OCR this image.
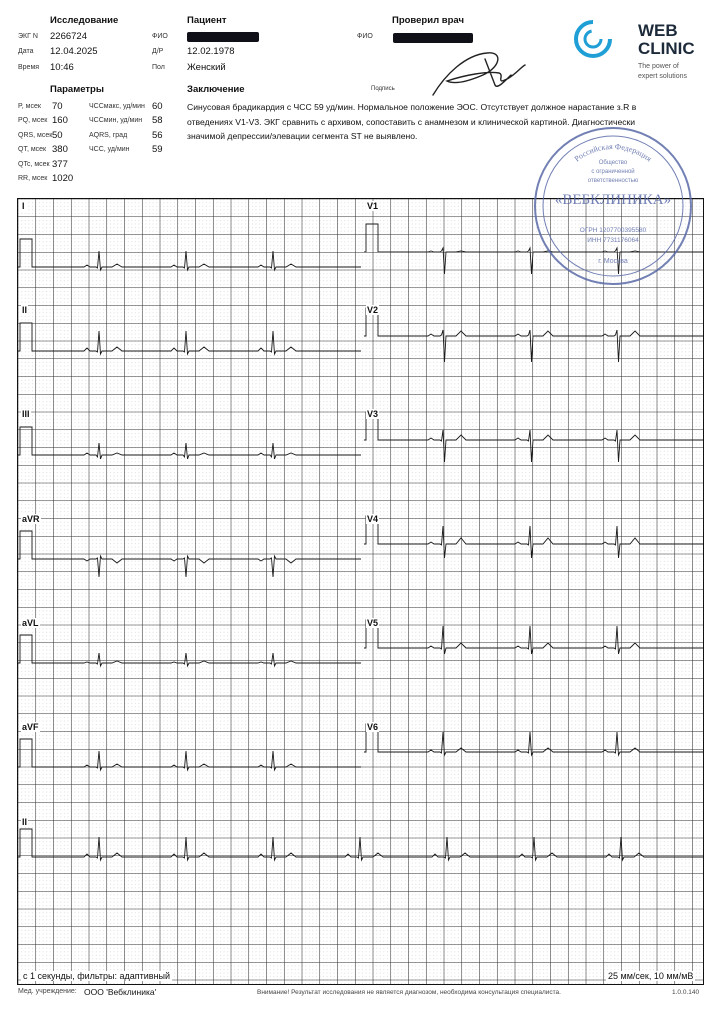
Исследование
ЭКГ N 2266724
Дата 12.04.2025
Время 10:46
Пациент
ФИО
Д/Р 12.02.1978
Пол Женский
Проверил врач
ФИО
Подпись
WEB
CLINIC
The power of
expert solutions
Параметры
P, мсек 70
PQ, мсек 160
QRS, мсек 50
QT, мсек 380
QTc, мсек 377
RR, мсек 1020
ЧССмакс, уд/мин 60
ЧССмин, уд/мин 58
AQRS, град	56
ЧСС, уд/мин 59
Заключение
Синусовая брадикардия с ЧСС 59 уд/мин. Нормальное положение ЭОС. Отсутствует должное нарастание з.R в
отведениях V1-V3. ЭКГ сравнить с архивом, сопоставить с анамнезом и клинической картиной. Диагностически
значимой депрессии/элевации сегмента ST не выявлено.
I
II
III
aVR
aVL
aVF
V1
V2
V3
V4
V5
V6
II
Российская Федерация
Общество
с ограниченной
ответственностью
«ВЕБКЛИНИКА»
ОГРН 1207700395580
ИНН 7731176064
г. Москва
с 1 секунды, фильтры: адаптивный	25 мм/сек, 10 мм/мВ
Мед. учреждение: ООО 'Вебклиника'	Внимание! Результат исследования не является диагнозом, необходима консультация специалиста.	1.0.0.140
